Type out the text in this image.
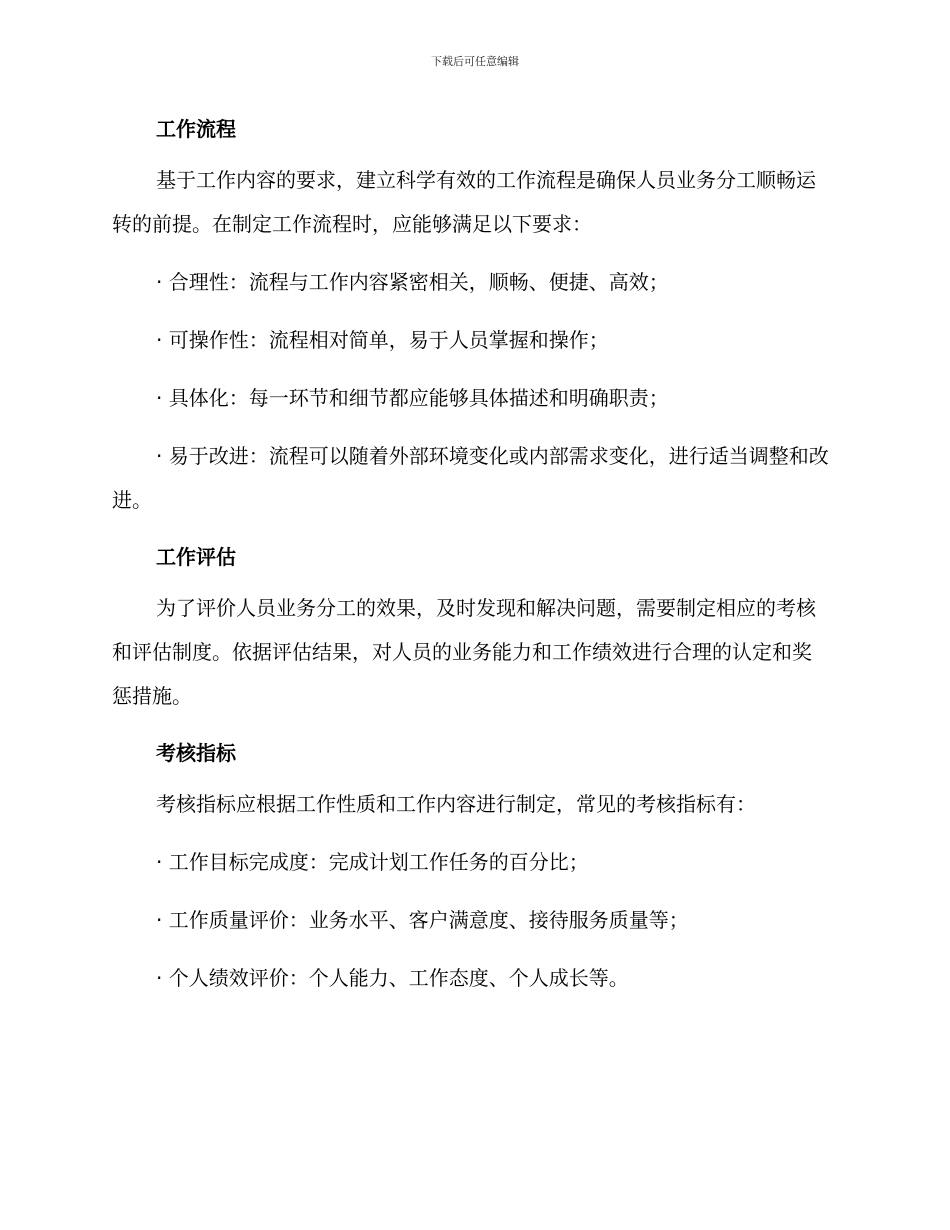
下载后可任意编辑
工作流程

基于工作内容的要求，建立科学有效的工作流程是确保人员业务分工顺畅运转的前提。在制定工作流程时，应能够满足以下要求：

· 合理性：流程与工作内容紧密相关，顺畅、便捷、高效；

· 可操作性：流程相对简单，易于人员掌握和操作；

· 具体化：每一环节和细节都应能够具体描述和明确职责；

· 易于改进：流程可以随着外部环境变化或内部需求变化，进行适当调整和改进。

工作评估

为了评价人员业务分工的效果，及时发现和解决问题，需要制定相应的考核和评估制度。依据评估结果，对人员的业务能力和工作绩效进行合理的认定和奖惩措施。

考核指标

考核指标应根据工作性质和工作内容进行制定，常见的考核指标有：

· 工作目标完成度：完成计划工作任务的百分比；

· 工作质量评价：业务水平、客户满意度、接待服务质量等；

· 个人绩效评价：个人能力、工作态度、个人成长等。
